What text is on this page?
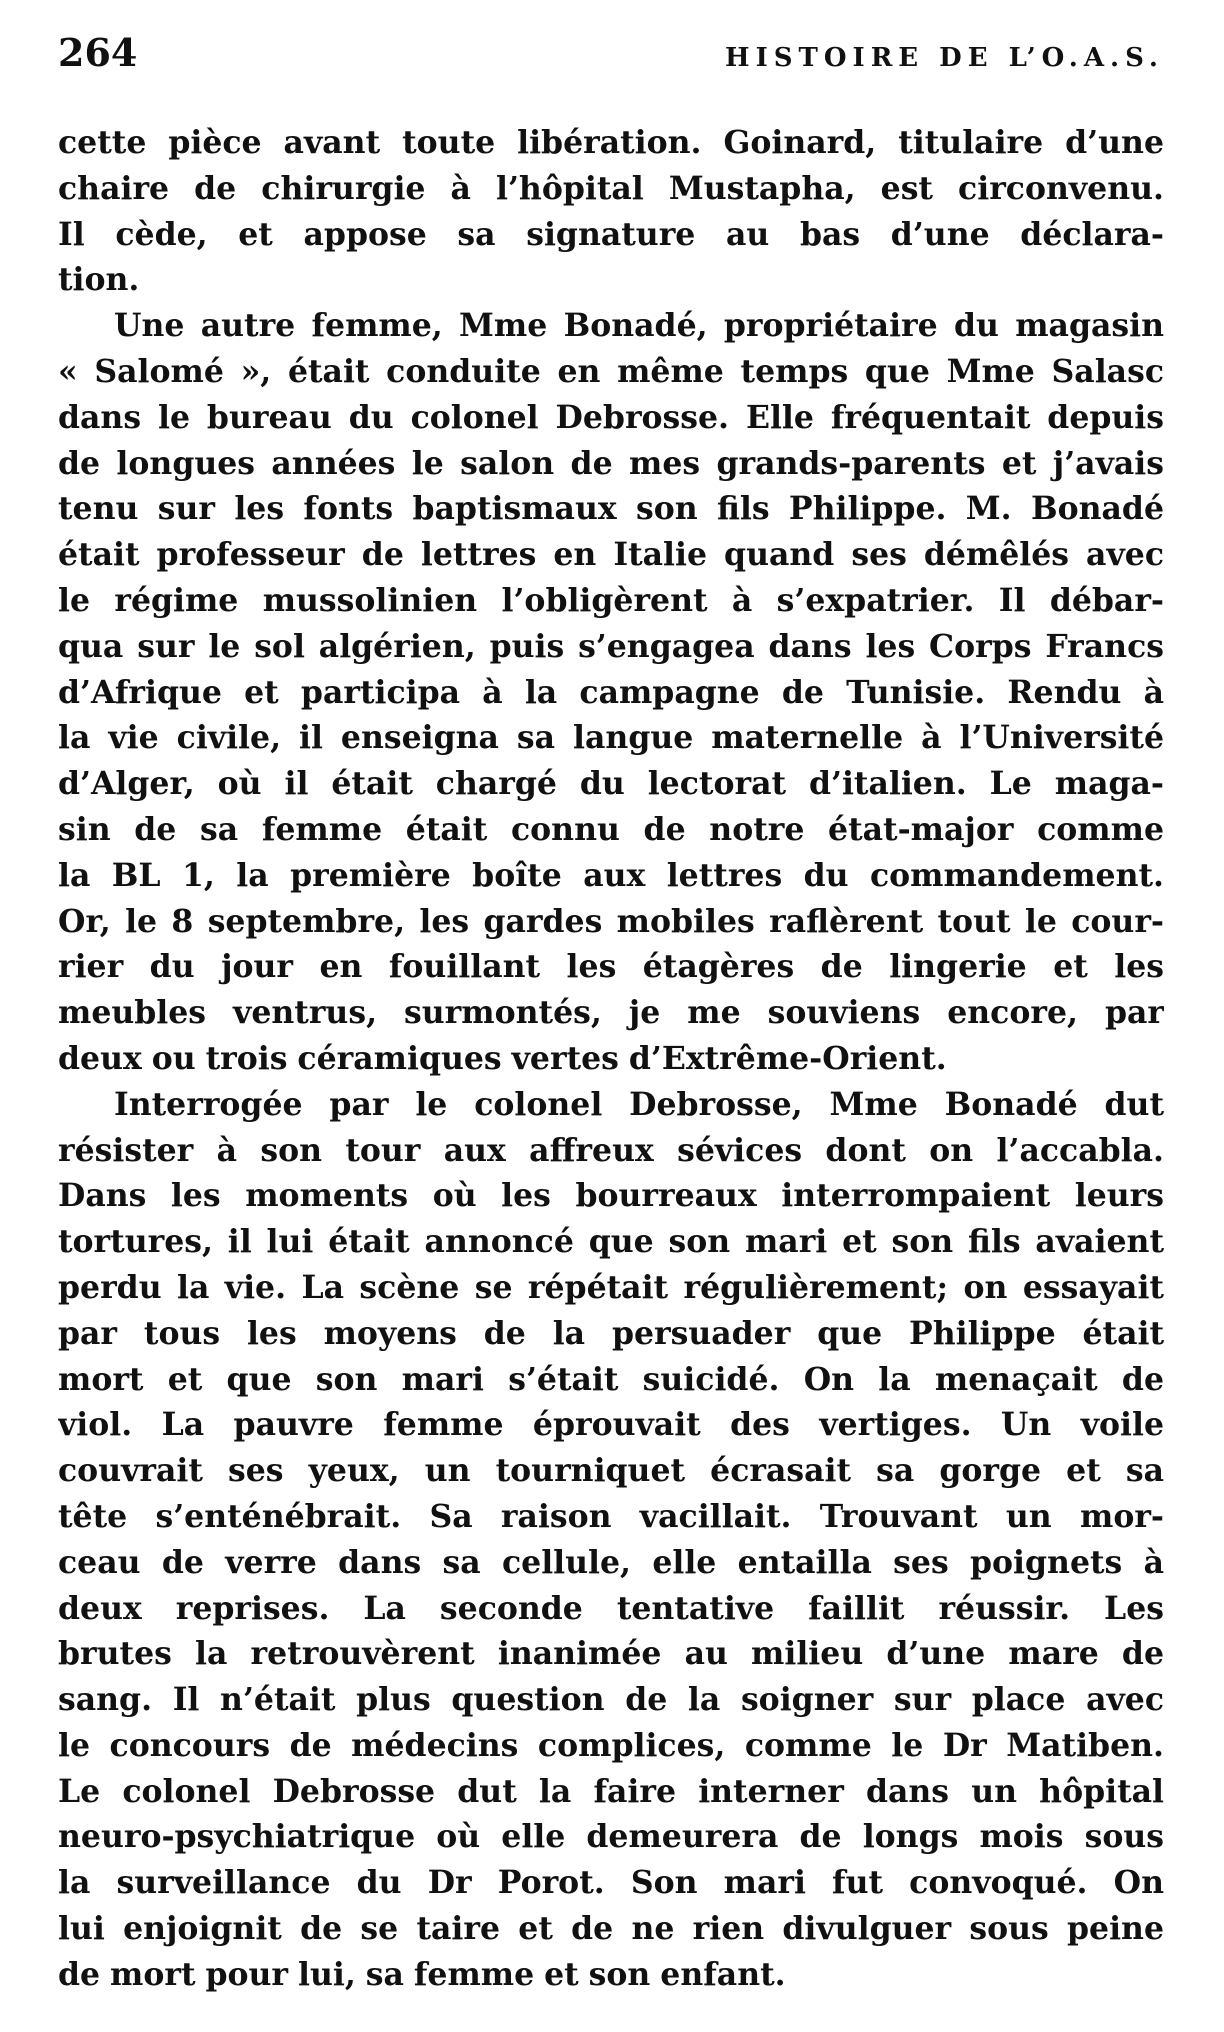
264	HISTOIRE DE L’O.A.S.

cette pièce avant toute libération. Goinard, titulaire d’une
chaire de chirurgie à l’hôpital Mustapha, est circonvenu.
Il cède, et appose sa signature au bas d’une déclara-
tion.

Une autre femme, Mme Bonadé, propriétaire du magasin
« Salomé », était conduite en même temps que Mme Salasc
dans le bureau du colonel Debrosse. Elle fréquentait depuis
de longues années le salon de mes grands-parents et j’avais
tenu sur les fonts baptismaux son fils Philippe. M. Bonadé
était professeur de lettres en Italie quand ses démêlés avec
le régime mussolinien l’obligèrent à s’expatrier. Il débar-
qua sur le sol algérien, puis s’engagea dans les Corps Francs
d’Afrique et participa à la campagne de Tunisie. Rendu à
la vie civile, il enseigna sa langue maternelle à l’Université
d’Alger, où il était chargé du lectorat d’italien. Le maga-
sin de sa femme était connu de notre état-major comme
la BL 1, la première boîte aux lettres du commandement.
Or, le 8 septembre, les gardes mobiles raflèrent tout le cour-
rier du jour en fouillant les étagères de lingerie et les
meubles ventrus, surmontés, je me souviens encore, par
deux ou trois céramiques vertes d’Extrême-Orient.

Interrogée par le colonel Debrosse, Mme Bonadé dut
résister à son tour aux affreux sévices dont on l’accabla.
Dans les moments où les bourreaux interrompaient leurs
tortures, il lui était annoncé que son mari et son fils avaient
perdu la vie. La scène se répétait régulièrement; on essayait
par tous les moyens de la persuader que Philippe était
mort et que son mari s’était suicidé. On la menaçait de
viol. La pauvre femme éprouvait des vertiges. Un voile
couvrait ses yeux, un tourniquet écrasait sa gorge et sa
tête s’enténébrait. Sa raison vacillait. Trouvant un mor-
ceau de verre dans sa cellule, elle entailla ses poignets à
deux reprises. La seconde tentative faillit réussir. Les
brutes la retrouvèrent inanimée au milieu d’une mare de
sang. Il n’était plus question de la soigner sur place avec
le concours de médecins complices, comme le Dr Matiben.
Le colonel Debrosse dut la faire interner dans un hôpital
neuro-psychiatrique où elle demeurera de longs mois sous
la surveillance du Dr Porot. Son mari fut convoqué. On
lui enjoignit de se taire et de ne rien divulguer sous peine
de mort pour lui, sa femme et son enfant.
